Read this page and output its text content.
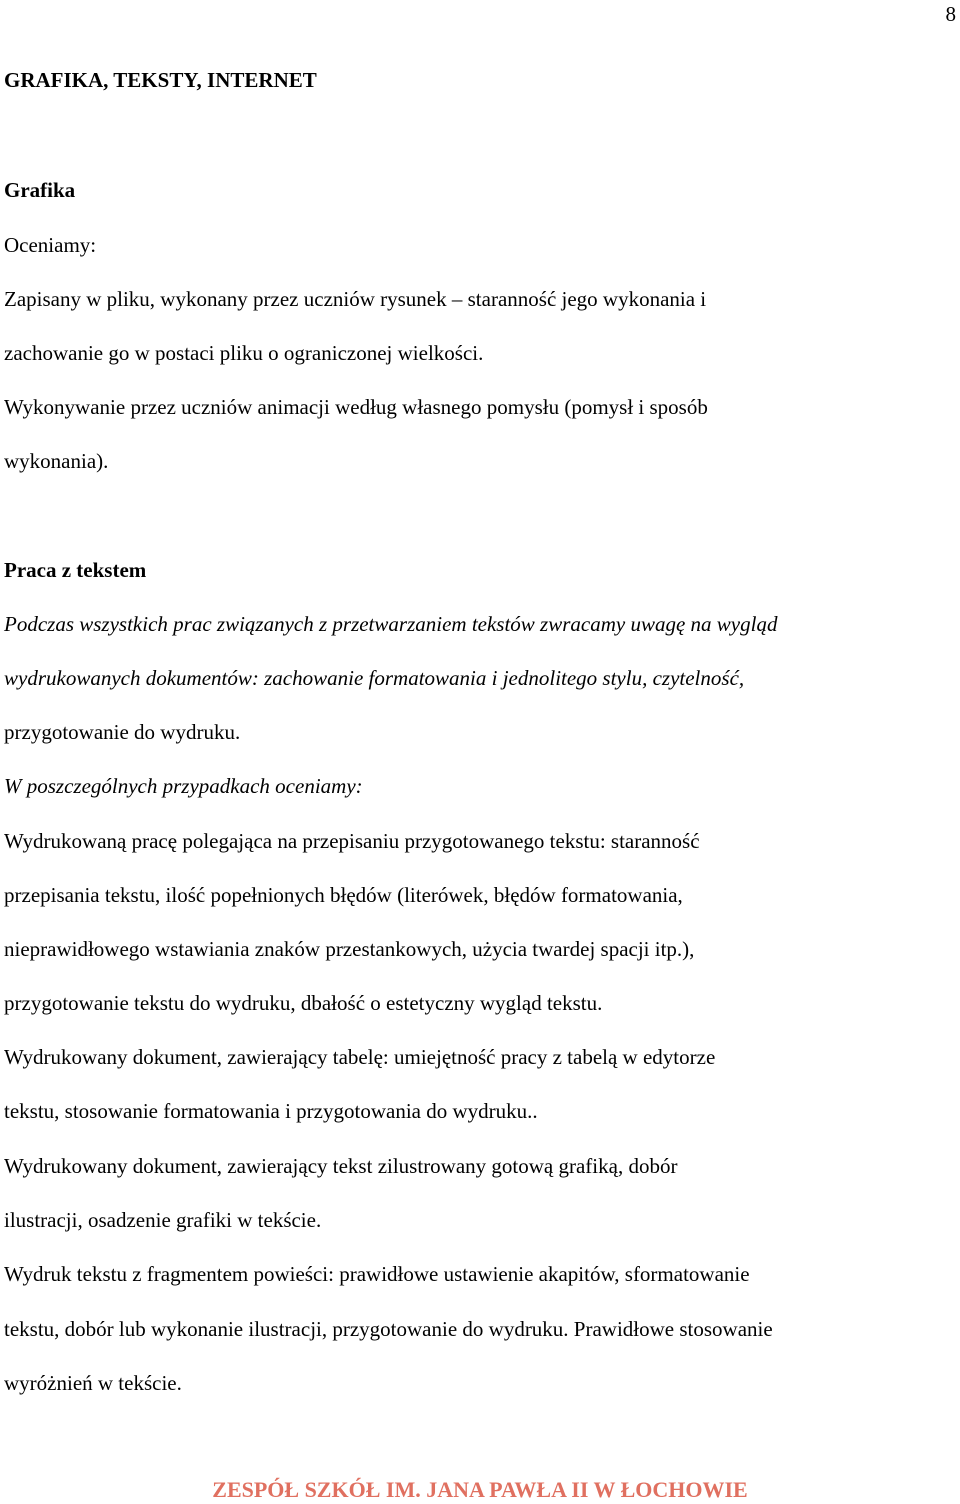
8
GRAFIKA, TEKSTY, INTERNET
Grafika
Oceniamy:
Zapisany w pliku, wykonany przez uczniów rysunek – staranność jego wykonania i
zachowanie go w postaci pliku o ograniczonej wielkości.
Wykonywanie przez uczniów animacji według własnego pomysłu (pomysł i sposób
wykonania).
Praca z tekstem
Podczas wszystkich prac związanych z przetwarzaniem tekstów zwracamy uwagę na wygląd
wydrukowanych dokumentów: zachowanie formatowania i jednolitego stylu, czytelność,
przygotowanie do wydruku.
W poszczególnych przypadkach oceniamy:
Wydrukowaną pracę polegająca na przepisaniu przygotowanego tekstu: staranność
przepisania tekstu, ilość popełnionych błędów (literówek, błędów formatowania,
nieprawidłowego wstawiania znaków przestankowych, użycia twardej spacji itp.),
przygotowanie tekstu do wydruku, dbałość o estetyczny wygląd tekstu.
Wydrukowany dokument, zawierający tabelę: umiejętność pracy z tabelą w edytorze
tekstu, stosowanie formatowania i przygotowania do wydruku..
Wydrukowany dokument, zawierający tekst zilustrowany gotową grafiką, dobór
ilustracji, osadzenie grafiki w tekście.
Wydruk tekstu z fragmentem powieści: prawidłowe ustawienie akapitów, sformatowanie
tekstu, dobór lub wykonanie ilustracji, przygotowanie do wydruku. Prawidłowe stosowanie
wyróżnień w tekście.
ZESPÓŁ SZKÓŁ IM. JANA PAWŁA II W ŁOCHOWIE
